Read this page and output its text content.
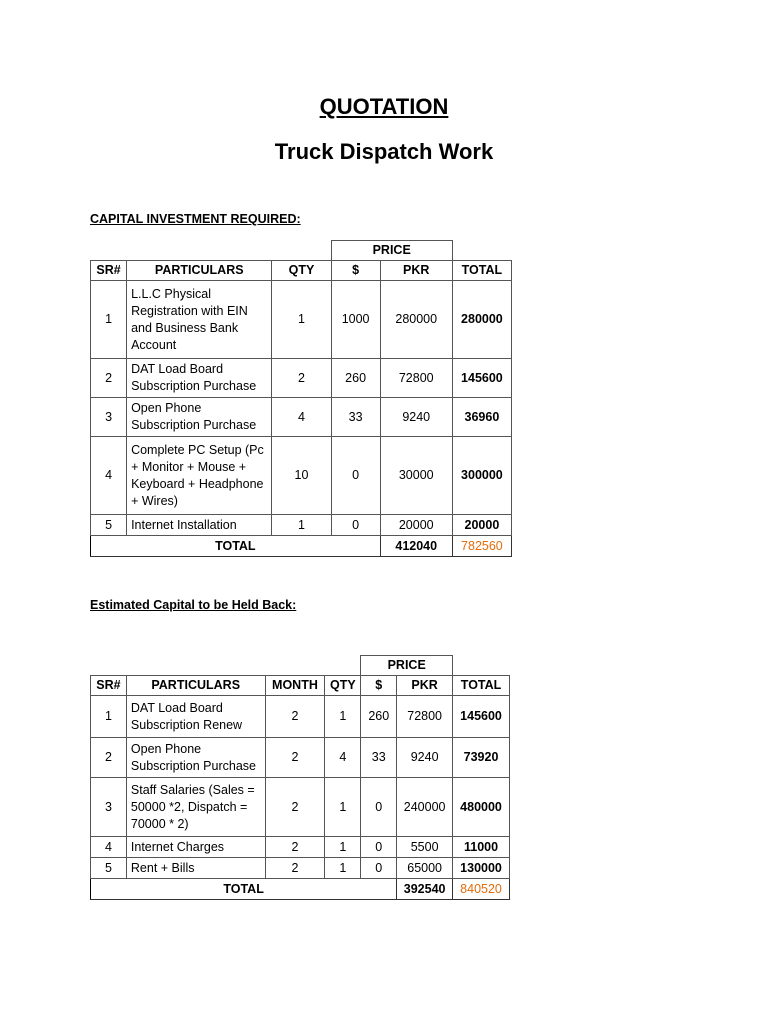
QUOTATION
Truck Dispatch Work

CAPITAL INVESTMENT REQUIRED:

			PRICE		
SR#	PARTICULARS	QTY	$	PKR	TOTAL
1	L.L.C Physical Registration with EIN and Business Bank Account	1	1000	280000	280000
2	DAT Load Board Subscription Purchase	2	260	72800	145600
3	Open Phone Subscription Purchase	4	33	9240	36960
4	Complete PC Setup (Pc + Monitor + Mouse + Keyboard + Headphone + Wires)	10	0	30000	300000
5	Internet Installation	1	0	20000	20000
TOTAL				412040	782560

Estimated Capital to be Held Back:

				PRICE		
SR#	PARTICULARS	MONTH	QTY	$	PKR	TOTAL
1	DAT Load Board Subscription Renew	2	1	260	72800	145600
2	Open Phone Subscription Purchase	2	4	33	9240	73920
3	Staff Salaries (Sales = 50000 *2, Dispatch = 70000 * 2)	2	1	0	240000	480000
4	Internet Charges	2	1	0	5500	11000
5	Rent + Bills	2	1	0	65000	130000
TOTAL					392540	840520
